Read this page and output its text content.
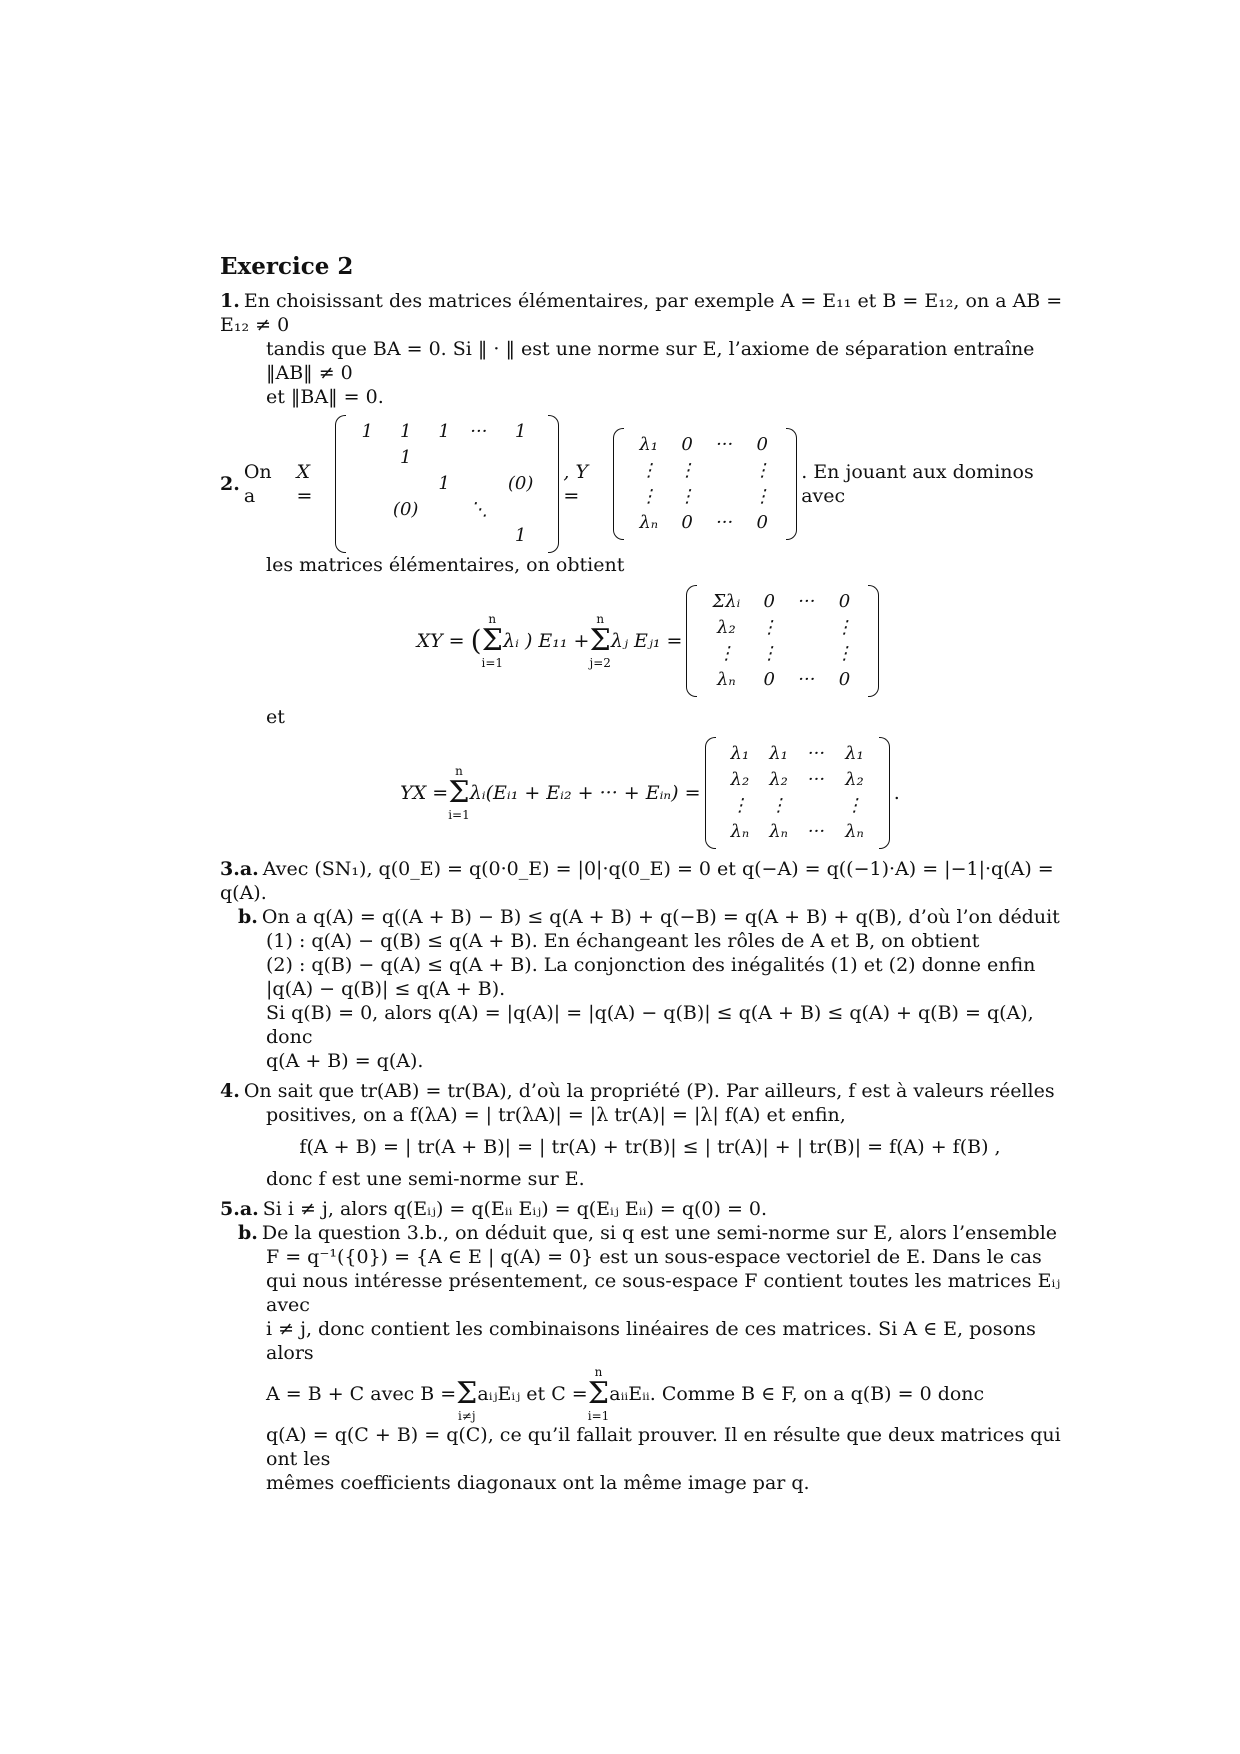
Exercice 2
1. En choisissant des matrices élémentaires, par exemple A = E₁₁ et B = E₁₂, on a AB = E₁₂ ≠ 0
tandis que BA = 0. Si ‖ · ‖ est une norme sur E, l’axiome de séparation entraîne ‖AB‖ ≠ 0
et ‖BA‖ = 0.
2.
On a
X =
1	1	1	···	1
	1			
		1		(0)
	(0)		⋱	
				1
, Y =
λ₁	0	···	0
⋮	⋮		⋮
⋮	⋮		⋮
λₙ	0	···	0
. En jouant aux dominos avec
les matrices élémentaires, on obtient
XY = (
n
Σ
i=1
λᵢ ) E₁₁ +
n
Σ
j=2
λⱼ Eⱼ₁ =
Σλᵢ	0	···	0
λ₂	⋮		⋮
⋮	⋮		⋮
λₙ	0	···	0
et
YX =
n
Σ
i=1
λᵢ(Eᵢ₁ + Eᵢ₂ + ··· + Eᵢₙ) =
λ₁	λ₁	···	λ₁
λ₂	λ₂	···	λ₂
⋮	⋮		⋮
λₙ	λₙ	···	λₙ
.
3.a. Avec (SN₁), q(0_E) = q(0·0_E) = |0|·q(0_E) = 0 et q(−A) = q((−1)·A) = |−1|·q(A) = q(A).
b. On a q(A) = q((A + B) − B) ≤ q(A + B) + q(−B) = q(A + B) + q(B), d’où l’on déduit
(1) : q(A) − q(B) ≤ q(A + B). En échangeant les rôles de A et B, on obtient
(2) : q(B) − q(A) ≤ q(A + B). La conjonction des inégalités (1) et (2) donne enfin
|q(A) − q(B)| ≤ q(A + B).
Si q(B) = 0, alors q(A) = |q(A)| = |q(A) − q(B)| ≤ q(A + B) ≤ q(A) + q(B) = q(A), donc
q(A + B) = q(A).
4. On sait que tr(AB) = tr(BA), d’où la propriété (P). Par ailleurs, f est à valeurs réelles
positives, on a f(λA) = | tr(λA)| = |λ tr(A)| = |λ| f(A) et enfin,
f(A + B) = | tr(A + B)| = | tr(A) + tr(B)| ≤ | tr(A)| + | tr(B)| = f(A) + f(B) ,
donc f est une semi-norme sur E.
5.a. Si i ≠ j, alors q(Eᵢⱼ) = q(Eᵢᵢ Eᵢⱼ) = q(Eᵢⱼ Eᵢᵢ) = q(0) = 0.
b. De la question 3.b., on déduit que, si q est une semi-norme sur E, alors l’ensemble
F = q⁻¹({0}) = {A ∈ E | q(A) = 0} est un sous-espace vectoriel de E. Dans le cas
qui nous intéresse présentement, ce sous-espace F contient toutes les matrices Eᵢⱼ avec
i ≠ j, donc contient les combinaisons linéaires de ces matrices. Si A ∈ E, posons alors
A = B + C avec B = Σ
i≠j
aᵢⱼEᵢⱼ et C =
n
Σ
i=1
aᵢᵢEᵢᵢ. Comme B ∈ F, on a q(B) = 0 donc
q(A) = q(C + B) = q(C), ce qu’il fallait prouver. Il en résulte que deux matrices qui ont les
mêmes coefficients diagonaux ont la même image par q.
